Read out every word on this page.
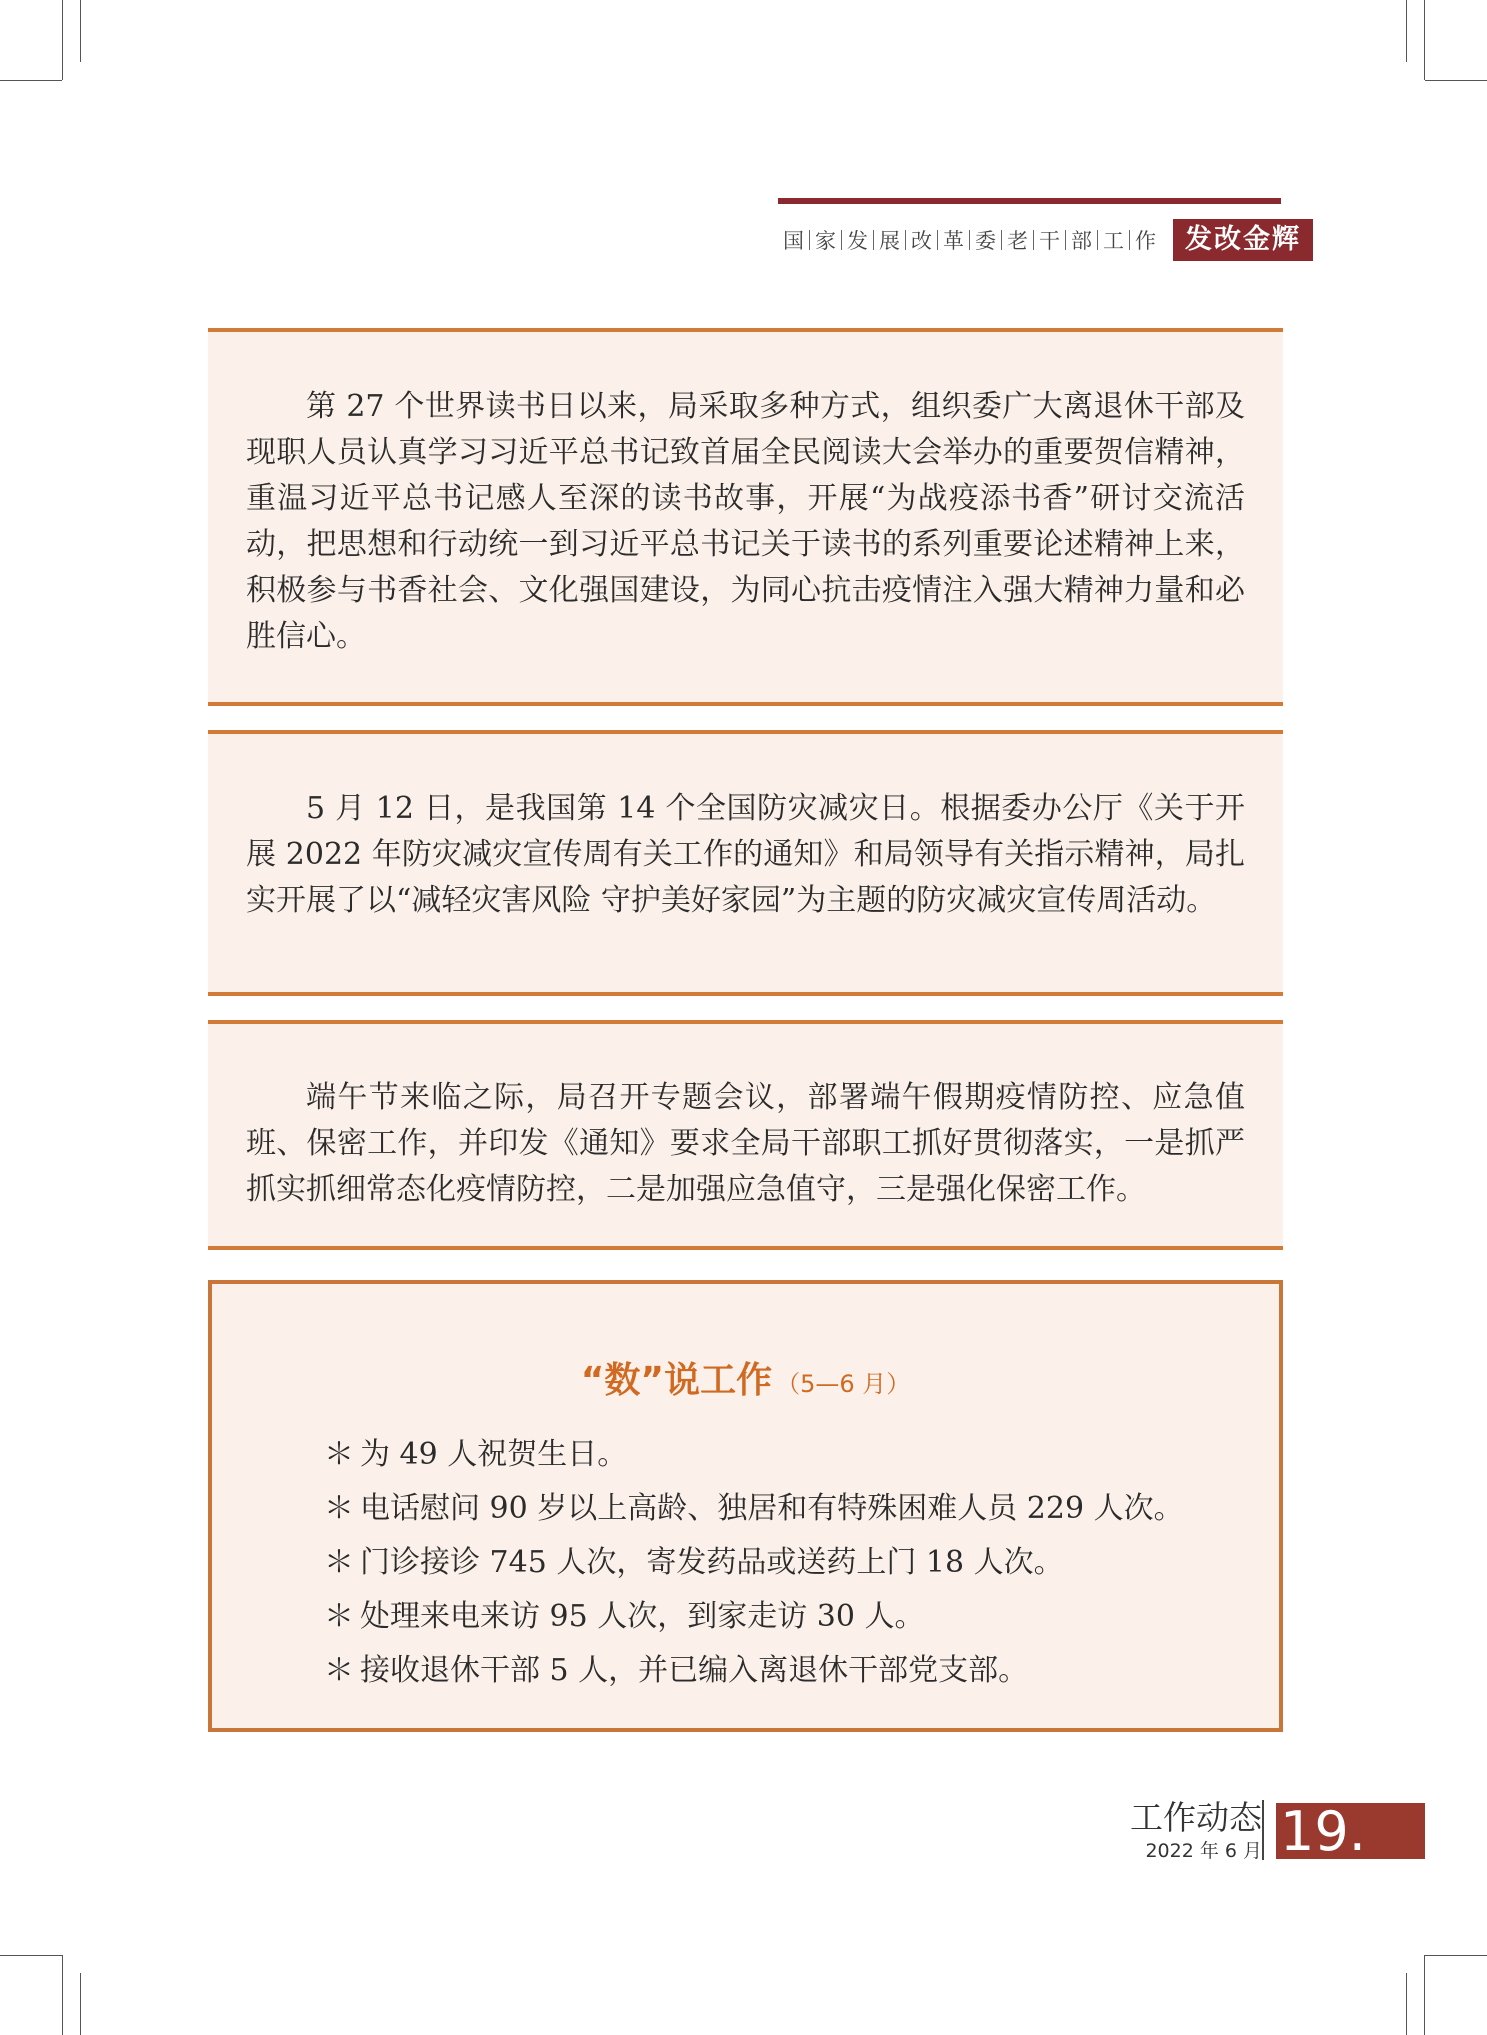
国 家 发 展 改 革 委 老 干 部 工 作	发改金辉

第 27 个世界读书日以来，局采取多种方式，组织委广大离退休干部及现职人员认真学习习近平总书记致首届全民阅读大会举办的重要贺信精神，重温习近平总书记感人至深的读书故事，开展“为战疫添书香”研讨交流活动，把思想和行动统一到习近平总书记关于读书的系列重要论述精神上来，积极参与书香社会、文化强国建设，为同心抗击疫情注入强大精神力量和必胜信心。

5 月 12 日，是我国第 14 个全国防灾减灾日。根据委办公厅《关于开展 2022 年防灾减灾宣传周有关工作的通知》和局领导有关指示精神，局扎实开展了以“减轻灾害风险 守护美好家园”为主题的防灾减灾宣传周活动。

端午节来临之际，局召开专题会议，部署端午假期疫情防控、应急值班、保密工作，并印发《通知》要求全局干部职工抓好贯彻落实，一是抓严抓实抓细常态化疫情防控，二是加强应急值守，三是强化保密工作。

“数”说工作 （5—6 月）
＊ 为 49 人祝贺生日。
＊ 电话慰问 90 岁以上高龄、独居和有特殊困难人员 229 人次。
＊ 门诊接诊 745 人次，寄发药品或送药上门 18 人次。
＊ 处理来电来访 95 人次，到家走访 30 人。
＊ 接收退休干部 5 人，并已编入离退休干部党支部。
工作动态
2022 年 6 月 19.
